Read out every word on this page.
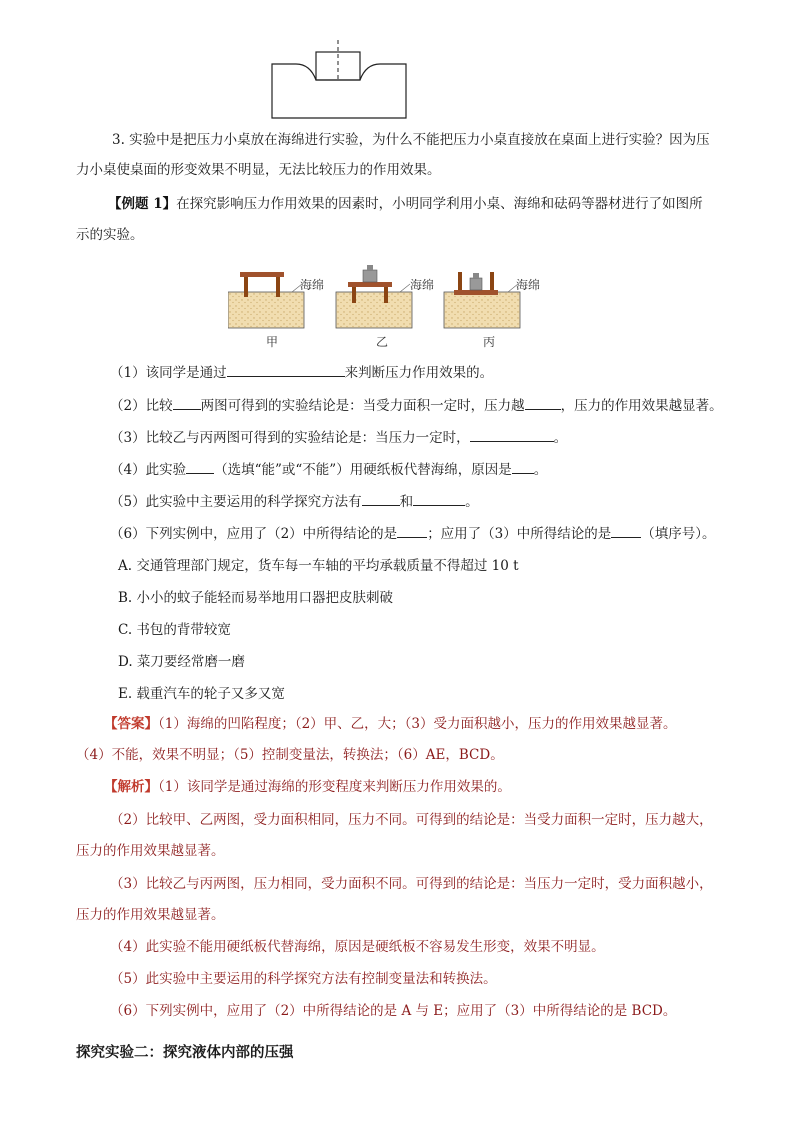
3. 实验中是把压力小桌放在海绵进行实验，为什么不能把压力小桌直接放在桌面上进行实验？因为压
力小桌使桌面的形变效果不明显，无法比较压力的作用效果。
【例题 1】在探究影响压力作用效果的因素时，小明同学利用小桌、海绵和砝码等器材进行了如图所
示的实验。
海绵	海绵	海绵
甲	乙	丙
（1）该同学是通过	来判断压力作用效果的。
（2）比较 两图可得到的实验结论是：当受力面积一定时，压力越	，压力的作用效果越显著。
（3）比较乙与丙两图可得到的实验结论是：当压力一定时，	。
（4）此实验 （选填“能”或“不能”）用硬纸板代替海绵，原因是 。
（5）此实验中主要运用的科学探究方法有	和	。
（6）下列实例中，应用了（2）中所得结论的是 ；应用了（3）中所得结论的是 （填序号）。
A. 交通管理部门规定，货车每一车轴的平均承载质量不得超过 10 t
B. 小小的蚊子能轻而易举地用口器把皮肤刺破
C. 书包的背带较宽
D. 菜刀要经常磨一磨
E. 载重汽车的轮子又多又宽
【答案】（1）海绵的凹陷程度；（2）甲、乙，大；（3）受力面积越小，压力的作用效果越显著。
（4）不能，效果不明显；（5）控制变量法，转换法；（6）AE，BCD。
【解析】（1）该同学是通过海绵的形变程度来判断压力作用效果的。
（2）比较甲、乙两图，受力面积相同，压力不同。可得到的结论是：当受力面积一定时，压力越大，
压力的作用效果越显著。
（3）比较乙与丙两图，压力相同，受力面积不同。可得到的结论是：当压力一定时，受力面积越小，
压力的作用效果越显著。
（4）此实验不能用硬纸板代替海绵，原因是硬纸板不容易发生形变，效果不明显。
（5）此实验中主要运用的科学探究方法有控制变量法和转换法。
（6）下列实例中，应用了（2）中所得结论的是 A 与 E；应用了（3）中所得结论的是 BCD。
探究实验二：探究液体内部的压强
